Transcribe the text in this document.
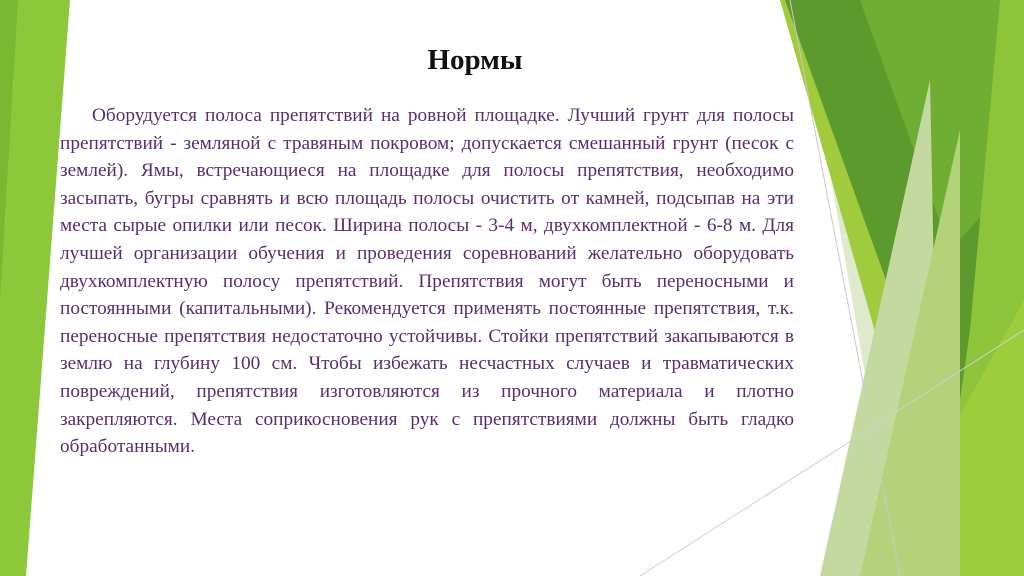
Нормы

Оборудуется полоса препятствий на ровной площадке. Лучший грунт для полосы препятствий - земляной с травяным покровом; допускается смешанный грунт (песок с землей). Ямы, встречающиеся на площадке для полосы препятствия, необходимо засыпать, бугры сравнять и всю площадь полосы очистить от камней, подсыпав на эти места сырые опилки или песок. Ширина полосы - 3-4 м, двухкомплектной - 6-8 м. Для лучшей организации обучения и проведения соревнований желательно оборудовать двухкомплектную полосу препятствий. Препятствия могут быть переносными и постоянными (капитальными). Рекомендуется применять постоянные препятствия, т.к. переносные препятствия недостаточно устойчивы. Стойки препятствий закапываются в землю на глубину 100 см. Чтобы избежать несчастных случаев и травматических повреждений, препятствия изготовляются из прочного материала и плотно закрепляются. Места соприкосновения рук с препятствиями должны быть гладко обработанными.
